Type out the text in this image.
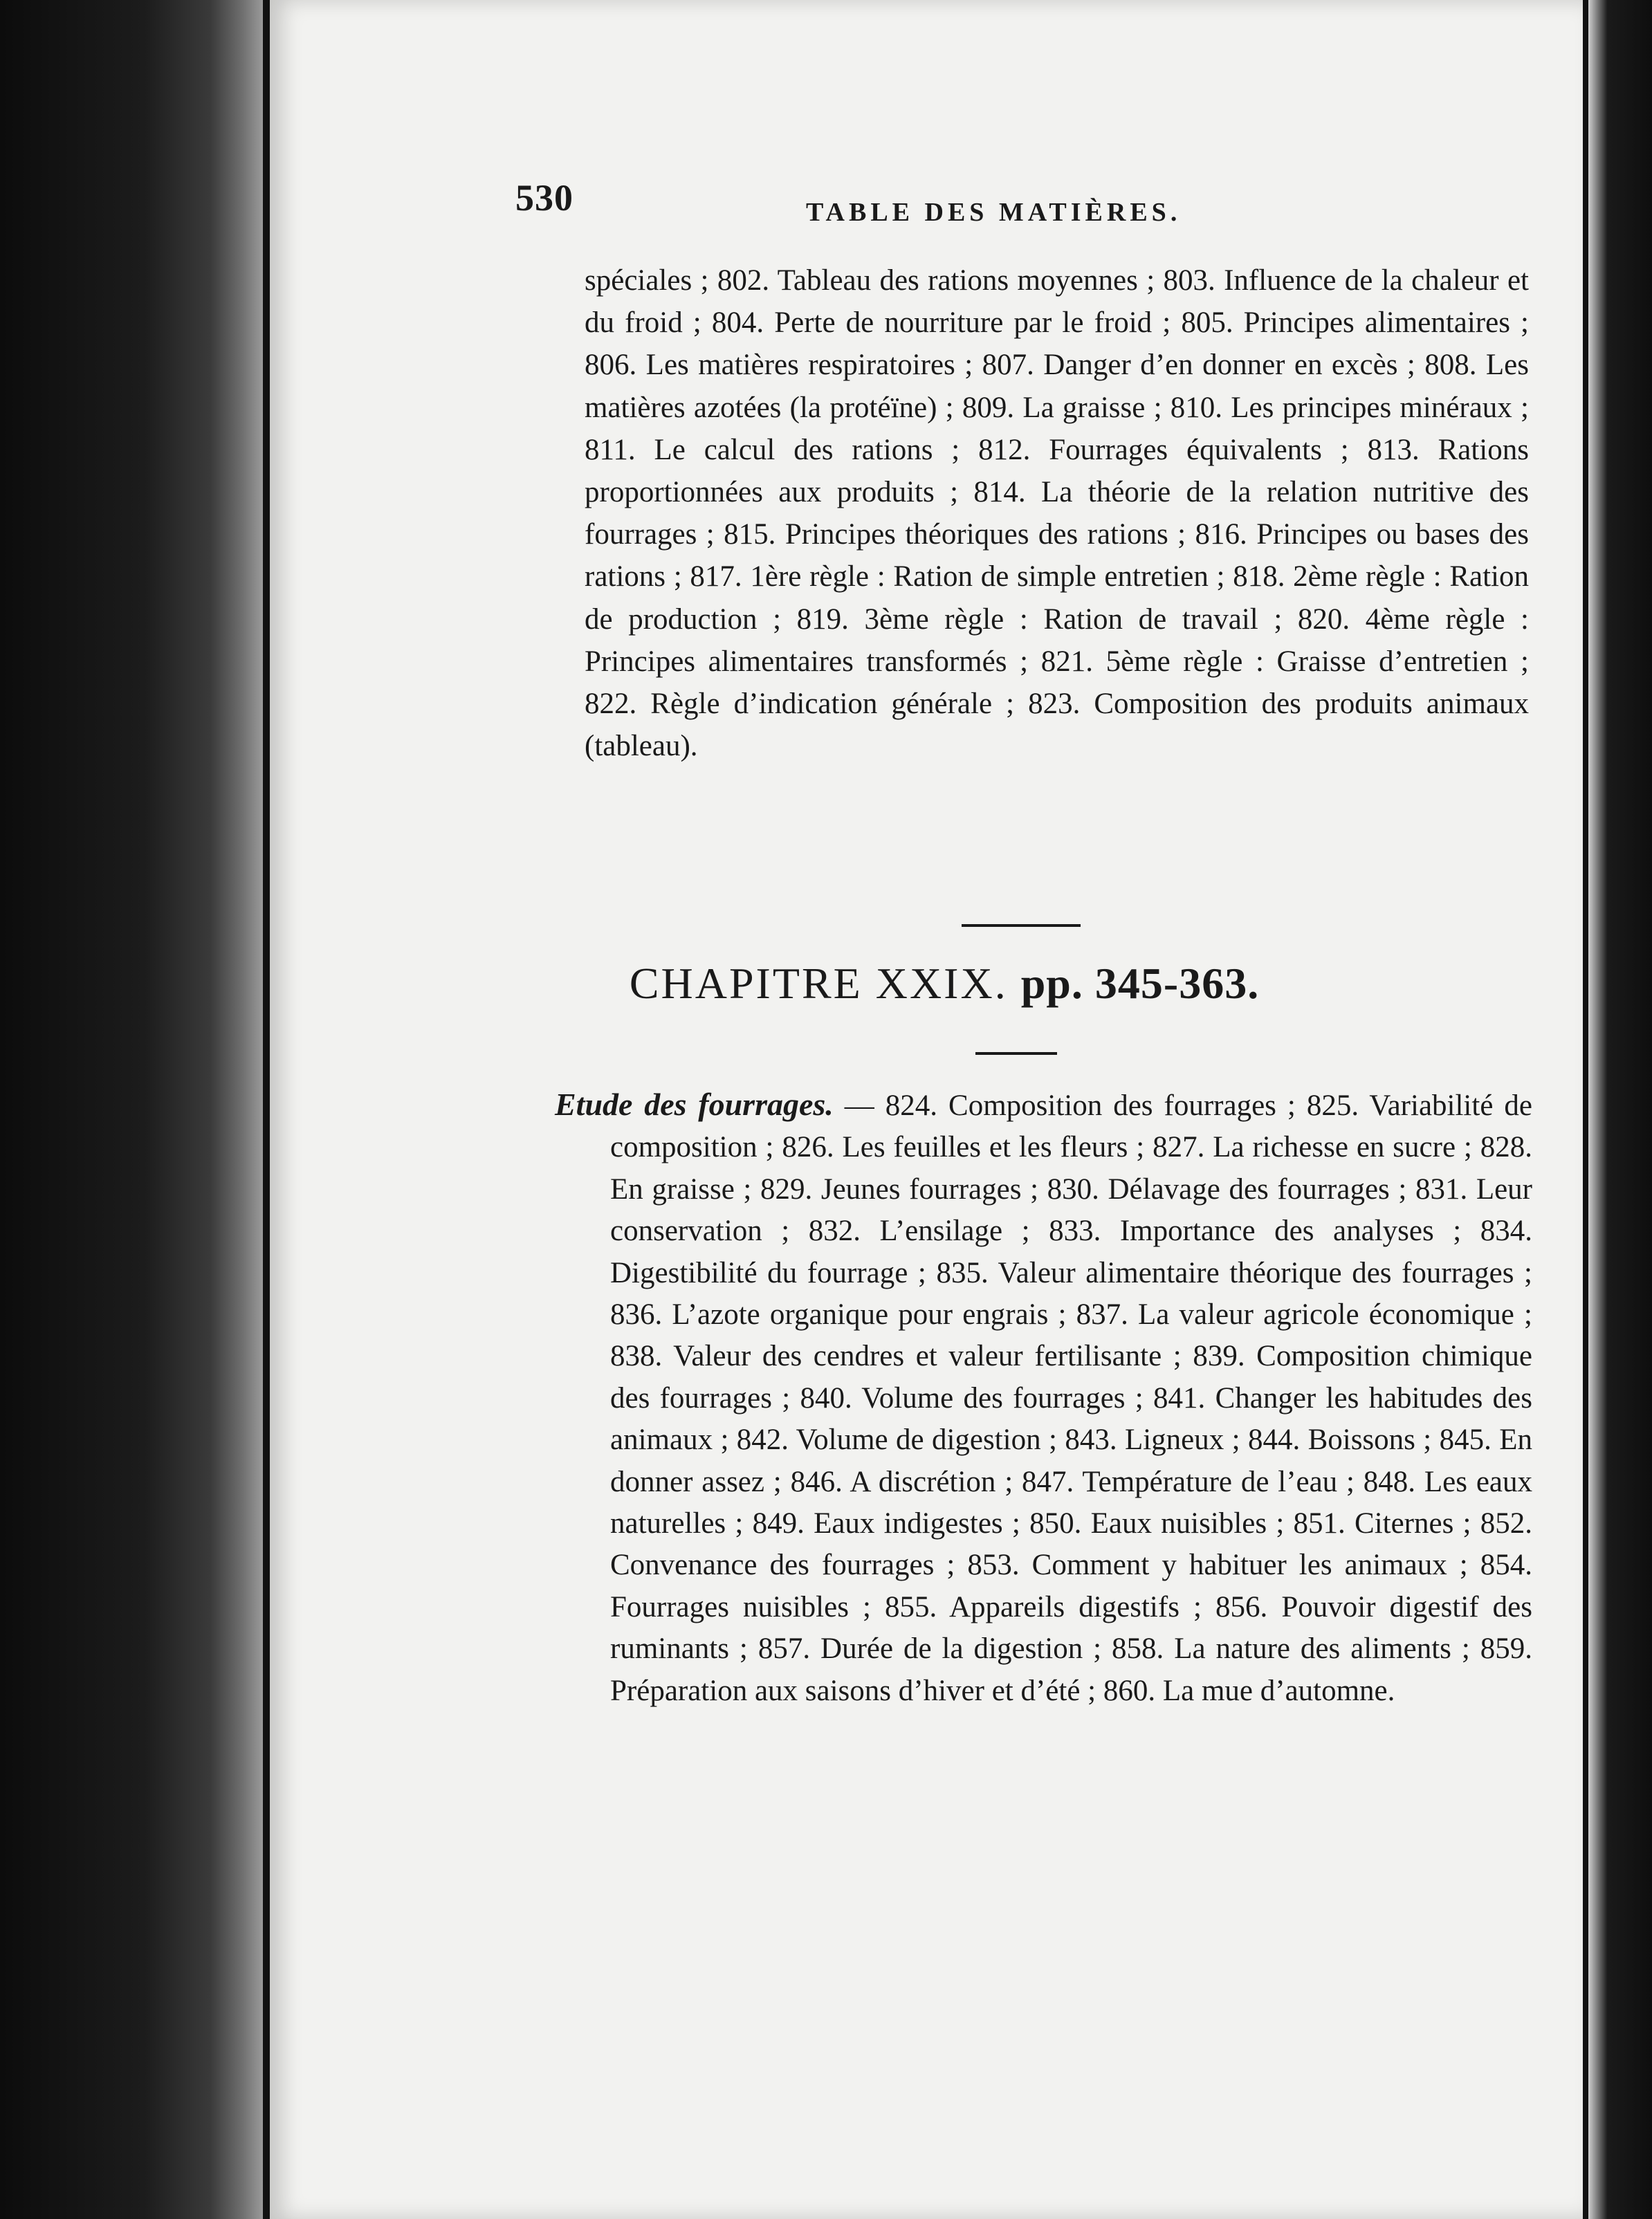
530	TABLE DES MATIÈRES.

spéciales ; 802. Tableau des rations moyennes ; 803. Influence de la chaleur et du froid ; 804. Perte de nourriture par le froid ; 805. Principes alimentaires ; 806. Les matières respiratoires ; 807. Danger d’en donner en excès ; 808. Les matières azotées (la protéïne) ; 809. La graisse ; 810. Les principes minéraux ; 811. Le calcul des rations ; 812. Fourrages équivalents ; 813. Rations proportionnées aux produits ; 814. La théorie de la relation nutritive des fourrages ; 815. Principes théoriques des rations ; 816. Principes ou bases des rations ; 817. 1ère règle : Ration de simple entretien ; 818. 2ème règle : Ration de production ; 819. 3ème règle : Ration de travail ; 820. 4ème règle : Principes alimentaires transformés ; 821. 5ème règle : Graisse d’entretien ; 822. Règle d’indication générale ; 823. Composition des produits animaux (tableau).

CHAPITRE XXIX. pp. 345-363.

Etude des fourrages. — 824. Composition des fourrages ; 825. Variabilité de composition ; 826. Les feuilles et les fleurs ; 827. La richesse en sucre ; 828. En graisse ; 829. Jeunes fourrages ; 830. Délavage des fourrages ; 831. Leur conservation ; 832. L’ensilage ; 833. Importance des analyses ; 834. Digestibilité du fourrage ; 835. Valeur alimentaire théorique des fourrages ; 836. L’azote organique pour engrais ; 837. La valeur agricole économique ; 838. Valeur des cendres et valeur fertilisante ; 839. Composition chimique des fourrages ; 840. Volume des fourrages ; 841. Changer les habitudes des animaux ; 842. Volume de digestion ; 843. Ligneux ; 844. Boissons ; 845. En donner assez ; 846. A discrétion ; 847. Température de l’eau ; 848. Les eaux naturelles ; 849. Eaux indigestes ; 850. Eaux nuisibles ; 851. Citernes ; 852. Convenance des fourrages ; 853. Comment y habituer les animaux ; 854. Fourrages nuisibles ; 855. Appareils digestifs ; 856. Pouvoir digestif des ruminants ; 857. Durée de la digestion ; 858. La nature des aliments ; 859. Préparation aux saisons d’hiver et d’été ; 860. La mue d’automne.
